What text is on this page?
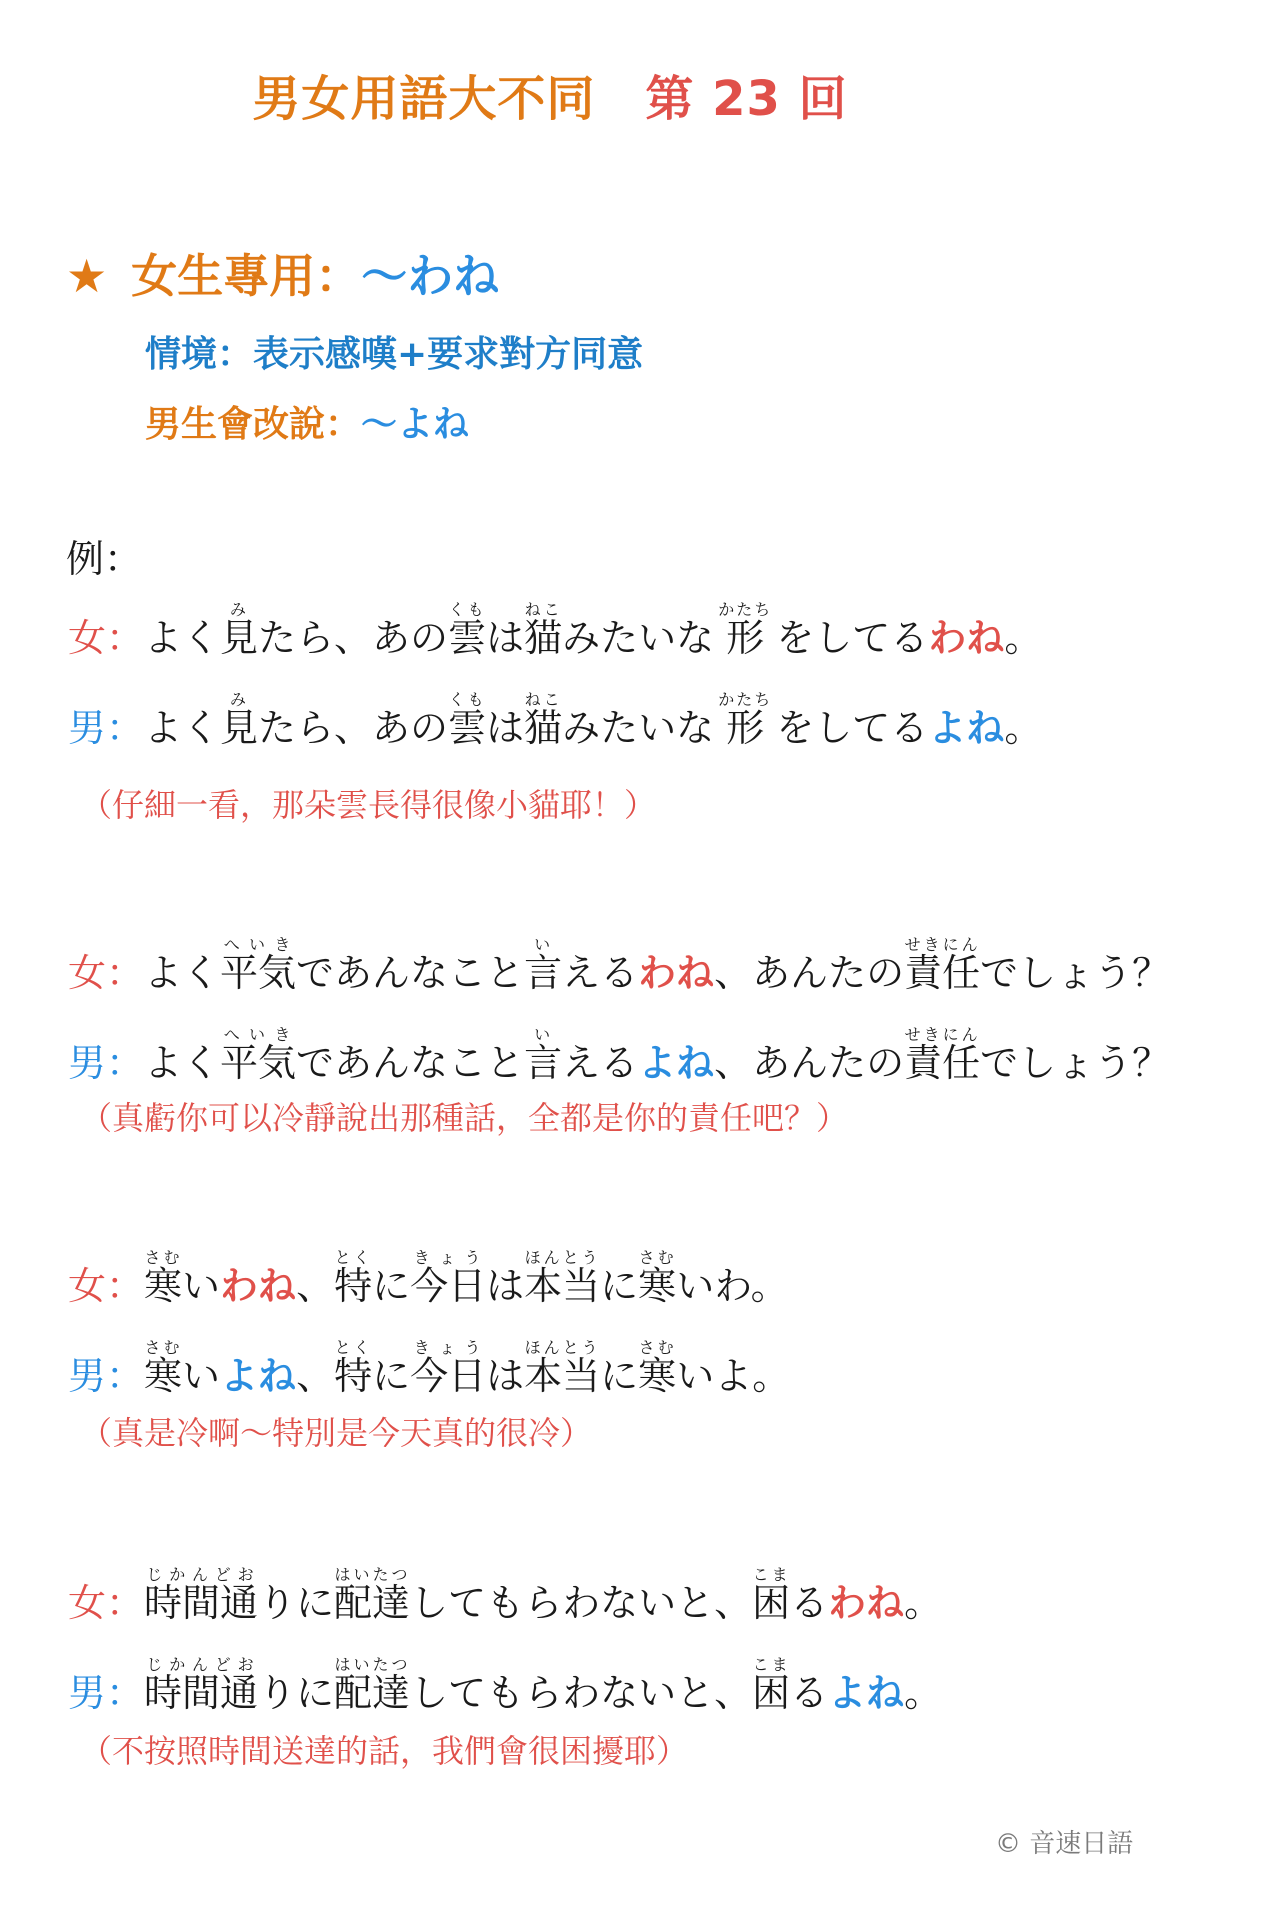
男女用語大不同 第 23 回
★ 女生專用：～わね
情境：表示感嘆+要求對方同意
男生會改說：～よね
例：
女：よく見みたら、あの雲くもは猫ねこみたいな 形かたち をしてるわね。
男：よく見みたら、あの雲くもは猫ねこみたいな 形かたち をしてるよね。
（仔細一看，那朵雲長得很像小貓耶！）
女：よく平気へいきであんなこと言いえるわね、あんたの責任せきにんでしょう？
男：よく平気へいきであんなこと言いえるよね、あんたの責任せきにんでしょう？
（真虧你可以冷靜說出那種話，全都是你的責任吧？）
女：寒さむいわね、特とくに今日きょうは本当ほんとうに寒さむいわ。
男：寒さむいよね、特とくに今日きょうは本当ほんとうに寒さむいよ。
（真是冷啊～特別是今天真的很冷）
女：時間通じかんどおりに配達はいたつしてもらわないと、困こまるわね。
男：時間通じかんどおりに配達はいたつしてもらわないと、困こまるよね。
（不按照時間送達的話，我們會很困擾耶）
© 音速日語
